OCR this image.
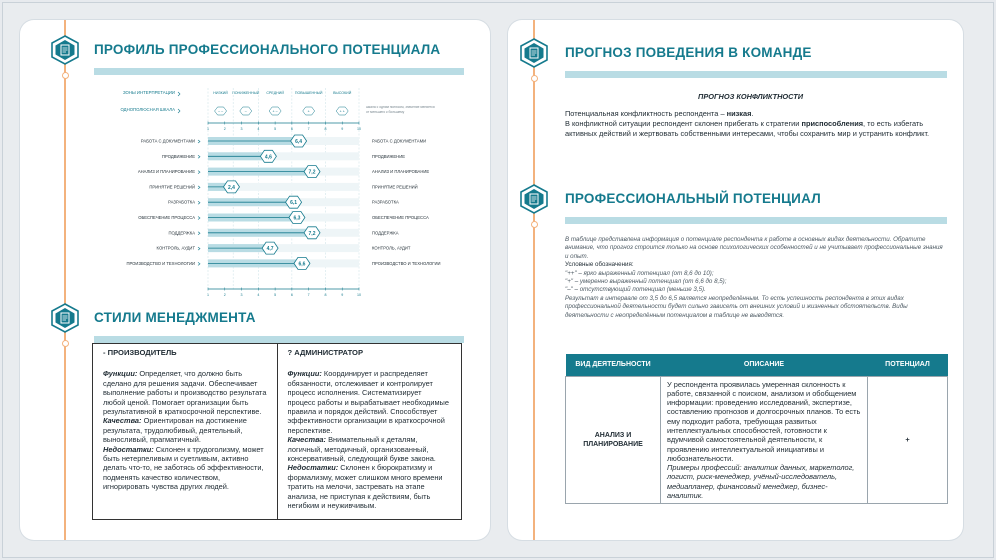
ПРОФИЛЬ ПРОФЕССИОНАЛЬНОГО ПОТЕНЦИАЛА
ЗОНЫ ИНТЕРПРЕТАЦИИ
ОДНОПОЛЮСНАЯ ШКАЛА
НИЗКИЙ
– –
ПОНИЖЕННЫЙ
–
СРЕДНИЙ
+ –
ПОВЫШЕННЫЙ
+
ВЫСОКИЙ
+ +
шкала с одним полюсом, значение меняется
от меньшего к большему
1	2	3	4	5	6	7	8	9	10
1	2	3	4	5	6	7	8	9	10
РАБОТА С ДОКУМЕНТАМИ	РАБОТА С ДОКУМЕНТАМИ
6,4
ПРОДВИЖЕНИЕ	ПРОДВИЖЕНИЕ
4,6
АНАЛИЗ И ПЛАНИРОВАНИЕ	АНАЛИЗ И ПЛАНИРОВАНИЕ
7,2
ПРИНЯТИЕ РЕШЕНИЙ	ПРИНЯТИЕ РЕШЕНИЙ
2,4
РАЗРАБОТКА	РАЗРАБОТКА
6,1
ОБЕСПЕЧЕНИЕ ПРОЦЕССА	ОБЕСПЕЧЕНИЕ ПРОЦЕССА
6,3
ПОДДЕРЖКА	ПОДДЕРЖКА
7,2
КОНТРОЛЬ, АУДИТ	КОНТРОЛЬ, АУДИТ
4,7
ПРОИЗВОДСТВО И ТЕХНОЛОГИИ	ПРОИЗВОДСТВО И ТЕХНОЛОГИИ
6,6
СТИЛИ МЕНЕДЖМЕНТА
- ПРОИЗВОДИТЕЛЬ

Функции: Определяет, что должно быть сделано для решения задачи. Обеспечивает выполнение работы и производство результата любой ценой. Помогает организации быть результативной в краткосрочной перспективе.

Качества: Ориентирован на достижение результата, трудолюбивый, деятельный, выносливый, прагматичный.

Недостатки: Склонен к трудоголизму, может быть нетерпеливым и суетливым, активно делать что-то, не заботясь об эффективности, подменять качество количеством, игнорировать чувства других людей.

? АДМИНИСТРАТОР

Функции: Координирует и распределяет обязанности, отслеживает и контролирует процесс исполнения. Систематизирует процесс работы и вырабатывает необходимые правила и порядок действий. Способствует эффективности организации в краткосрочной перспективе.

Качества: Внимательный к деталям, логичный, методичный, организованный, консервативный, следующий букве закона.

Недостатки: Склонен к бюрократизму и формализму, может слишком много времени тратить на мелочи, застревать на этапе анализа, не приступая к действиям, быть негибким и неуживчивым.

ПРОГНОЗ ПОВЕДЕНИЯ В КОМАНДЕ
ПРОГНОЗ КОНФЛИКТНОСТИ
Потенциальная конфликтность респондента – низкая.
В конфликтной ситуации респондент склонен прибегать к стратегии приспособления, то есть избегать активных действий и жертвовать собственными интересами, чтобы сохранить мир и устранить конфликт.
ПРОФЕССИОНАЛЬНЫЙ ПОТЕНЦИАЛ
В таблице представлена информация о потенциале респондента к работе в основных видах деятельности. Обратите внимание, что прогноз строится только на основе психологических особенностей и не учитывает профессиональные знания и опыт.
Условные обозначения:
"++" – ярко выраженный потенциал (от 8,6 до 10);
"+" – умеренно выраженный потенциал (от 6,6 до 8,5);
"–" – отсутствующий потенциал (меньше 3,5).
Результат в интервале от 3,5 до 6,5 является неопределённым. То есть успешность респондента в этих видах профессиональной деятельности будет сильно зависеть от внешних условий и жизненных обстоятельств. Виды деятельности с неопределённым потенциалом в таблице не выводятся.
ВИД ДЕЯТЕЛЬНОСТИ	ОПИСАНИЕ	ПОТЕНЦИАЛ
АНАЛИЗ И ПЛАНИРОВАНИЕ	У респондента проявилась умеренная склонность к работе, связанной с поиском, анализом и обобщением информации: проведению исследований, экспертизе, составлению прогнозов и долгосрочных планов. То есть ему подходит работа, требующая развитых интеллектуальных способностей, готовности к вдумчивой самостоятельной деятельности, к проявлению интеллектуальной инициативы и любознательности.
Примеры профессий: аналитик данных, маркетолог, логист, риск-менеджер, учёный-исследователь, медиапланер, финансовый менеджер, бизнес-аналитик.	+
